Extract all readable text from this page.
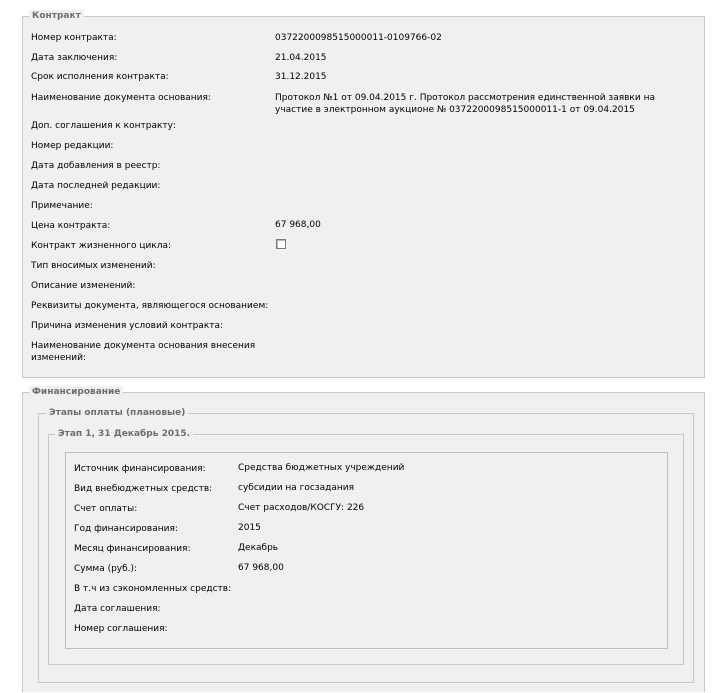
Контракт
Номер контракта:	0372200098515000011-0109766-02
Дата заключения:	21.04.2015
Срок исполнения контракта:	31.12.2015
Наименование документа основания:	Протокол №1 от 09.04.2015 г. Протокол рассмотрения единственной заявки на участие в электронном аукционе № 0372200098515000011-1 от 09.04.2015
Доп. соглашения к контракту:
Номер редакции:
Дата добавления в реестр:
Дата последней редакции:
Примечание:
Цена контракта:	67 968,00
Контракт жизненного цикла:
Тип вносимых изменений:
Описание изменений:
Реквизиты документа, являющегося основанием:
Причина изменения условий контракта:
Наименование документа основания внесения изменений:
Финансирование
Этапы оплаты (плановые)
Этап 1, 31 Декабрь 2015.
Источник финансирования:	Средства бюджетных учреждений
Вид внебюджетных средств:	субсидии на госзадания
Счет оплаты:	Счет расходов/КОСГУ: 226
Год финансирования:	2015
Месяц финансирования:	Декабрь
Сумма (руб.):	67 968,00
В т.ч из сэкономленных средств:
Дата соглашения:
Номер соглашения:
